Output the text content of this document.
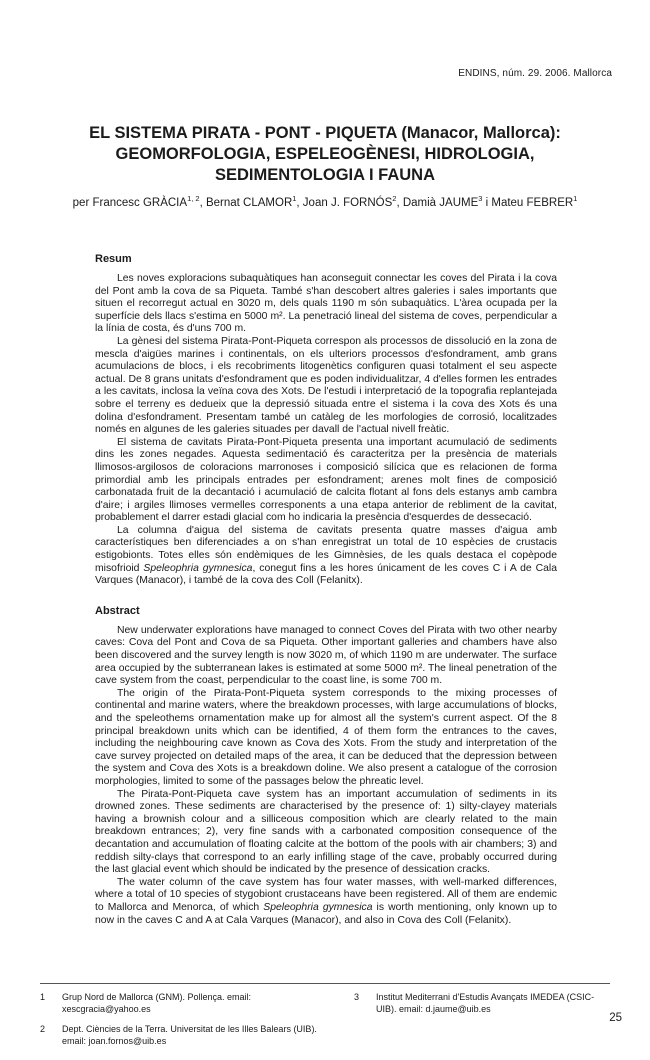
ENDINS, núm. 29. 2006. Mallorca
EL SISTEMA PIRATA - PONT - PIQUETA (Manacor, Mallorca):
GEOMORFOLOGIA, ESPELEOGÈNESI, HIDROLOGIA,
SEDIMENTOLOGIA I FAUNA
per Francesc GRÀCIA$^{1, 2}$, Bernat CLAMOR$^1$, Joan J. FORNÓS$^2$, Damià JAUME$^3$ i Mateu FEBRER$^1$
Resum

Les noves exploracions subaquàtiques han aconseguit connectar les coves del Pirata i la cova del Pont amb la cova de sa Piqueta. També s'han descobert altres galeries i sales importants que situen el recorregut actual en 3020 m, dels quals 1190 m són subaquàtics. L'àrea ocupada per la superfície dels llacs s'estima en 5000 m². La penetració lineal del sistema de coves, perpendicular a la línia de costa, és d'uns 700 m.

La gènesi del sistema Pirata-Pont-Piqueta correspon als processos de dissolució en la zona de mescla d'aigües marines i continentals, on els ulteriors processos d'esfondrament, amb grans acumulacions de blocs, i els recobriments litogenètics configuren quasi totalment el seu aspecte actual. De 8 grans unitats d'esfondrament que es poden individualitzar, 4 d'elles formen les entrades a les cavitats, inclosa la veïna cova des Xots. De l'estudi i interpretació de la topografia replantejada sobre el terreny es dedueix que la depressió situada entre el sistema i la cova des Xots és una dolina d'esfondrament. Presentam també un catàleg de les morfologies de corrosió, localitzades només en algunes de les galeries situades per davall de l'actual nivell freàtic.

El sistema de cavitats Pirata-Pont-Piqueta presenta una important acumulació de sediments dins les zones negades. Aquesta sedimentació és caracteritza per la presència de materials llimosos-argilosos de coloracions marronoses i composició silícica que es relacionen de forma primordial amb les principals entrades per esfondrament; arenes molt fines de composició carbonatada fruit de la decantació i acumulació de calcita flotant al fons dels estanys amb cambra d'aire; i argiles llimoses vermelles corresponents a una etapa anterior de rebliment de la cavitat, probablement el darrer estadi glacial com ho indicaria la presència d'esquerdes de dessecació.

La columna d'aigua del sistema de cavitats presenta quatre masses d'aigua amb característiques ben diferenciades a on s'han enregistrat un total de 10 espècies de crustacis estigobionts. Totes elles són endèmiques de les Gimnèsies, de les quals destaca el copèpode misofrioid Speleophria gymnesica, conegut fins a les hores únicament de les coves C i A de Cala Varques (Manacor), i també de la cova des Coll (Felanitx).

Abstract

New underwater explorations have managed to connect Coves del Pirata with two other nearby caves: Cova del Pont and Cova de sa Piqueta. Other important galleries and chambers have also been discovered and the survey length is now 3020 m, of which 1190 m are underwater. The surface area occupied by the subterranean lakes is estimated at some 5000 m². The lineal penetration of the cave system from the coast, perpendicular to the coast line, is some 700 m.

The origin of the Pirata-Pont-Piqueta system corresponds to the mixing processes of continental and marine waters, where the breakdown processes, with large accumulations of blocks, and the speleothems ornamentation make up for almost all the system's current aspect. Of the 8 principal breakdown units which can be identified, 4 of them form the entrances to the caves, including the neighbouring cave known as Cova des Xots. From the study and interpretation of the cave survey projected on detailed maps of the area, it can be deduced that the depression between the system and Cova des Xots is a breakdown doline. We also present a catalogue of the corrosion morphologies, limited to some of the passages below the phreatic level.

The Pirata-Pont-Piqueta cave system has an important accumulation of sediments in its drowned zones. These sediments are characterised by the presence of: 1) silty-clayey materials having a brownish colour and a silliceous composition which are clearly related to the main breakdown entrances; 2), very fine sands with a carbonated composition consequence of the decantation and accumulation of floating calcite at the bottom of the pools with air chambers; 3) and reddish silty-clays that correspond to an early infilling stage of the cave, probably occurred during the last glacial event which should be indicated by the presence of dessication cracks.

The water column of the cave system has four water masses, with well-marked differences, where a total of 10 species of stygobiont crustaceans have been registered. All of them are endemic to Mallorca and Menorca, of which Speleophria gymnesica is worth mentioning, only known up to now in the caves C and A at Cala Varques (Manacor), and also in Cova des Coll (Felanitx).

1	Grup Nord de Mallorca (GNM). Pollença. email: xescgracia@yahoo.es
2	Dept. Ciències de la Terra. Universitat de les Illes Balears (UIB). email: joan.fornos@uib.es
3	Institut Mediterrani d'Estudis Avançats IMEDEA (CSIC-UIB). email: d.jaume@uib.es
25
